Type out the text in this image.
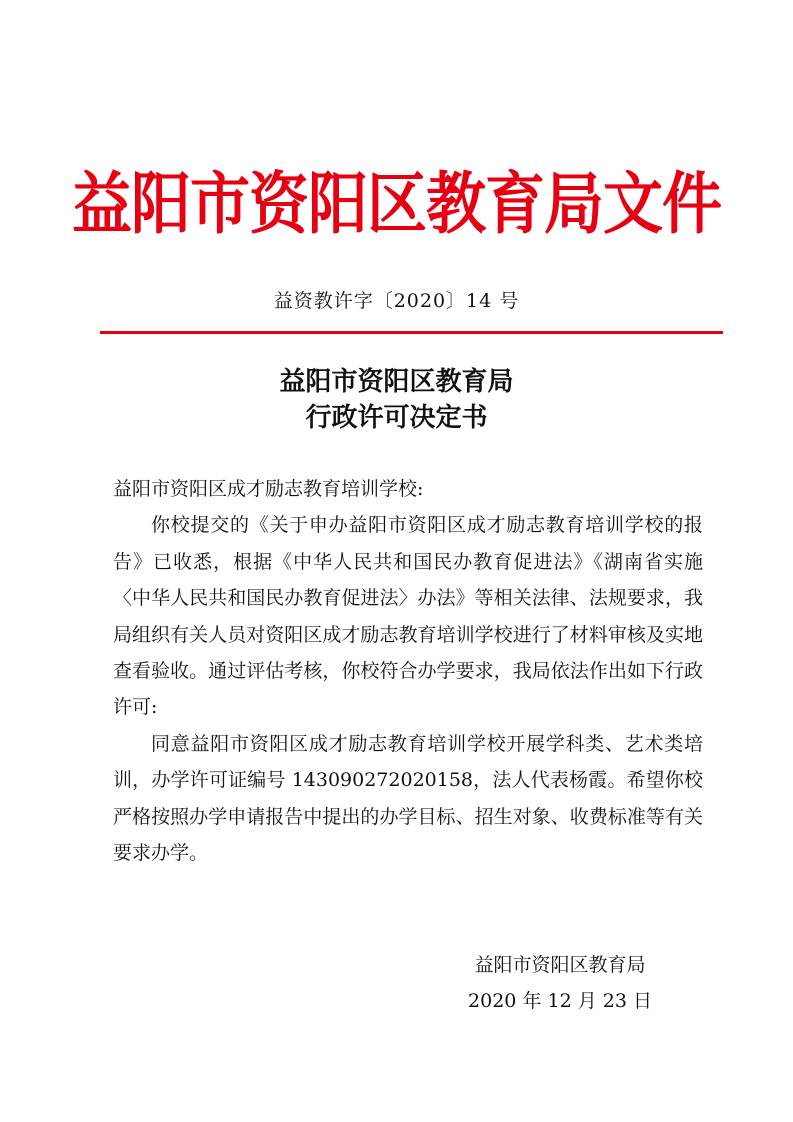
益阳市资阳区教育局文件
益资教许字〔2020〕14 号
益阳市资阳区教育局
行政许可决定书

益阳市资阳区成才励志教育培训学校:

你校提交的《关于申办益阳市资阳区成才励志教育培训学校的报告》已收悉，根据《中华人民共和国民办教育促进法》《湖南省实施〈中华人民共和国民办教育促进法〉办法》等相关法律、法规要求，我局组织有关人员对资阳区成才励志教育培训学校进行了材料审核及实地查看验收。通过评估考核，你校符合办学要求，我局依法作出如下行政许可:

同意益阳市资阳区成才励志教育培训学校开展学科类、艺术类培训，办学许可证编号 143090272020158，法人代表杨霞。希望你校严格按照办学申请报告中提出的办学目标、招生对象、收费标准等有关要求办学。

益阳市资阳区教育局
2020 年 12 月 23 日
